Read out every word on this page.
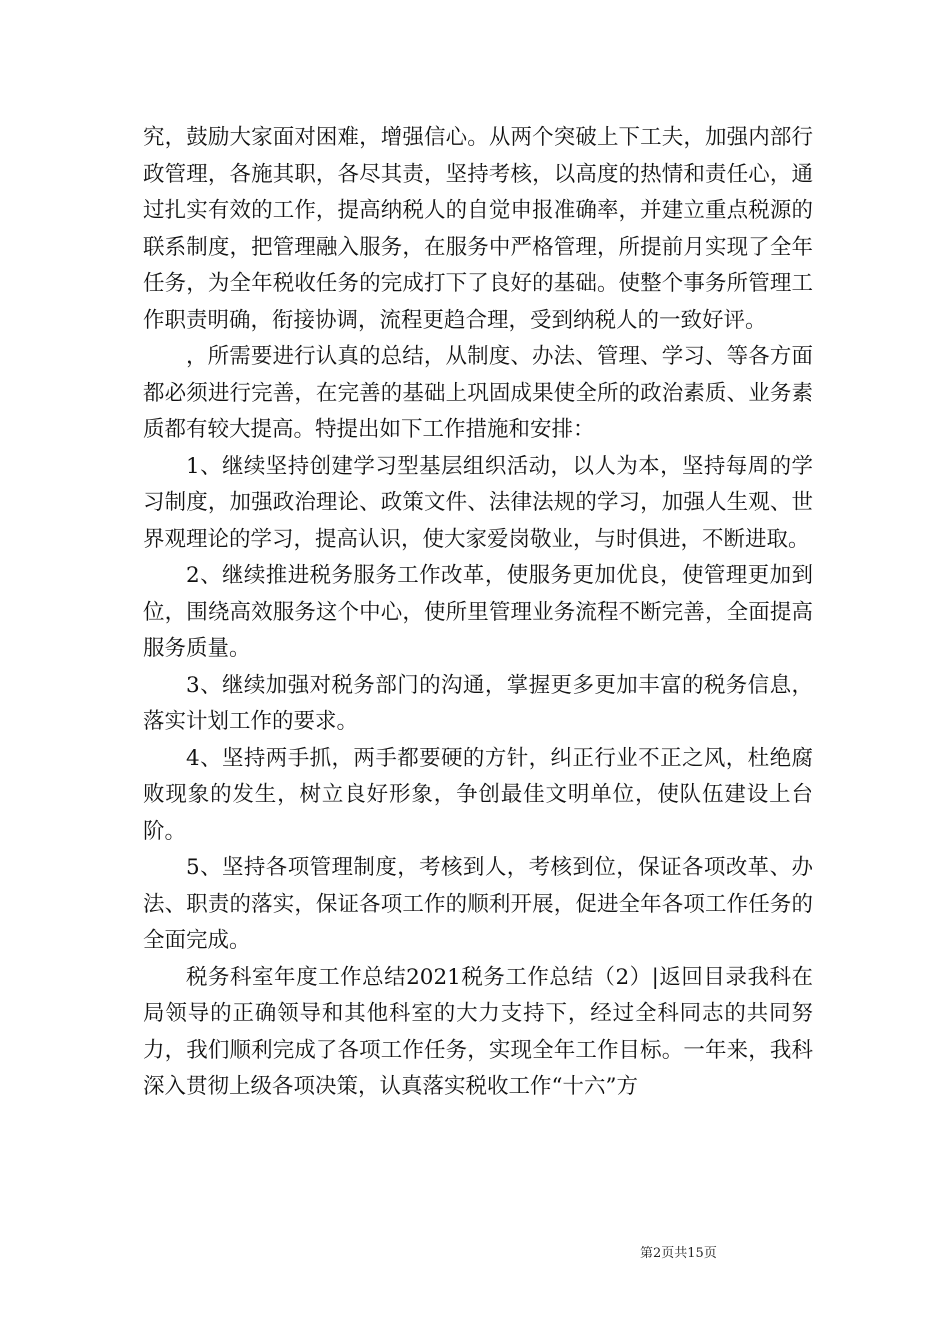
究，鼓励大家面对困难，增强信心。从两个突破上下工夫，加强内部行政管理，各施其职，各尽其责，坚持考核，以高度的热情和责任心，通过扎实有效的工作，提高纳税人的自觉申报准确率，并建立重点税源的联系制度，把管理融入服务，在服务中严格管理，所提前月实现了全年任务，为全年税收任务的完成打下了良好的基础。使整个事务所管理工作职责明确，衔接协调，流程更趋合理，受到纳税人的一致好评。

，所需要进行认真的总结，从制度、办法、管理、学习、等各方面都必须进行完善，在完善的基础上巩固成果使全所的政治素质、业务素质都有较大提高。特提出如下工作措施和安排：

1、继续坚持创建学习型基层组织活动，以人为本，坚持每周的学习制度，加强政治理论、政策文件、法律法规的学习，加强人生观、世界观理论的学习，提高认识，使大家爱岗敬业，与时俱进，不断进取。

2、继续推进税务服务工作改革，使服务更加优良，使管理更加到位，围绕高效服务这个中心，使所里管理业务流程不断完善，全面提高服务质量。

3、继续加强对税务部门的沟通，掌握更多更加丰富的税务信息，落实计划工作的要求。

4、坚持两手抓，两手都要硬的方针，纠正行业不正之风，杜绝腐败现象的发生，树立良好形象，争创最佳文明单位，使队伍建设上台阶。

5、坚持各项管理制度，考核到人，考核到位，保证各项改革、办法、职责的落实，保证各项工作的顺利开展，促进全年各项工作任务的全面完成。

税务科室年度工作总结2021税务工作总结（2）|返回目录我科在局领导的正确领导和其他科室的大力支持下，经过全科同志的共同努力，我们顺利完成了各项工作任务，实现全年工作目标。一年来，我科深入贯彻上级各项决策，认真落实税收工作“十六”方

第2页共15页
